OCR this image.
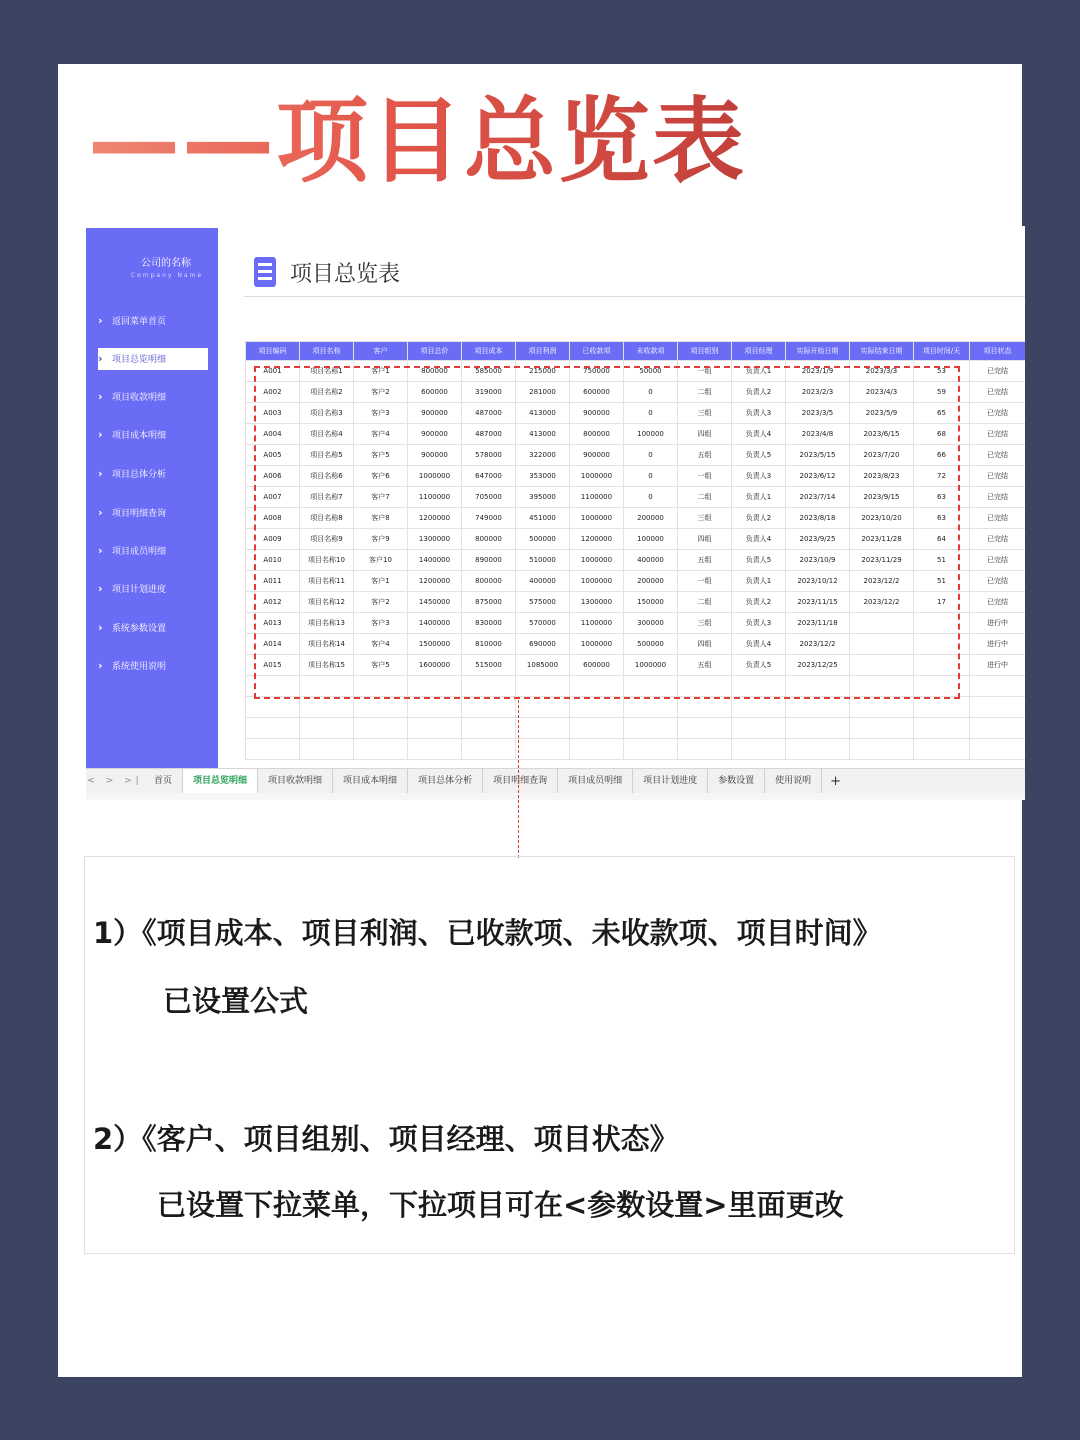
——项目总览表
公司的名称
Company Name
› 返回菜单首页
› 项目总览明细
› 项目收款明细
› 项目成本明细
› 项目总体分析
› 项目明细查询
› 项目成员明细
› 项目计划进度
› 系统参数设置
› 系统使用说明
项目总览表
项目编码	项目名称	客户	项目总价	项目成本	项目利润	已收款项	未收款项	项目组别	项目经理	实际开始日期	实际结束日期	项目时间/天	项目状态
A001	项目名称1	客户1	800000	585000	215000	750000	50000	一组	负责人1	2023/1/9	2023/3/3	53	已完结
A002	项目名称2	客户2	600000	319000	281000	600000	0	二组	负责人2	2023/2/3	2023/4/3	59	已完结
A003	项目名称3	客户3	900000	487000	413000	900000	0	三组	负责人3	2023/3/5	2023/5/9	65	已完结
A004	项目名称4	客户4	900000	487000	413000	800000	100000	四组	负责人4	2023/4/8	2023/6/15	68	已完结
A005	项目名称5	客户5	900000	578000	322000	900000	0	五组	负责人5	2023/5/15	2023/7/20	66	已完结
A006	项目名称6	客户6	1000000	647000	353000	1000000	0	一组	负责人3	2023/6/12	2023/8/23	72	已完结
A007	项目名称7	客户7	1100000	705000	395000	1100000	0	二组	负责人1	2023/7/14	2023/9/15	63	已完结
A008	项目名称8	客户8	1200000	749000	451000	1000000	200000	三组	负责人2	2023/8/18	2023/10/20	63	已完结
A009	项目名称9	客户9	1300000	800000	500000	1200000	100000	四组	负责人4	2023/9/25	2023/11/28	64	已完结
A010	项目名称10	客户10	1400000	890000	510000	1000000	400000	五组	负责人5	2023/10/9	2023/11/29	51	已完结
A011	项目名称11	客户1	1200000	800000	400000	1000000	200000	一组	负责人1	2023/10/12	2023/12/2	51	已完结
A012	项目名称12	客户2	1450000	875000	575000	1300000	150000	二组	负责人2	2023/11/15	2023/12/2	17	已完结
A013	项目名称13	客户3	1400000	830000	570000	1100000	300000	三组	负责人3	2023/11/18			进行中
A014	项目名称14	客户4	1500000	810000	690000	1000000	500000	四组	负责人4	2023/12/2			进行中
A015	项目名称15	客户5	1600000	515000	1085000	600000	1000000	五组	负责人5	2023/12/25			进行中

< > >|	首页	项目总览明细	项目收款明细	项目成本明细	项目总体分析	项目明细查询	项目成员明细	项目计划进度	参数设置	使用说明	+
1）《项目成本、项目利润、已收款项、未收款项、项目时间》
已设置公式
2）《客户、项目组别、项目经理、项目状态》
已设置下拉菜单，下拉项目可在<参数设置>里面更改
